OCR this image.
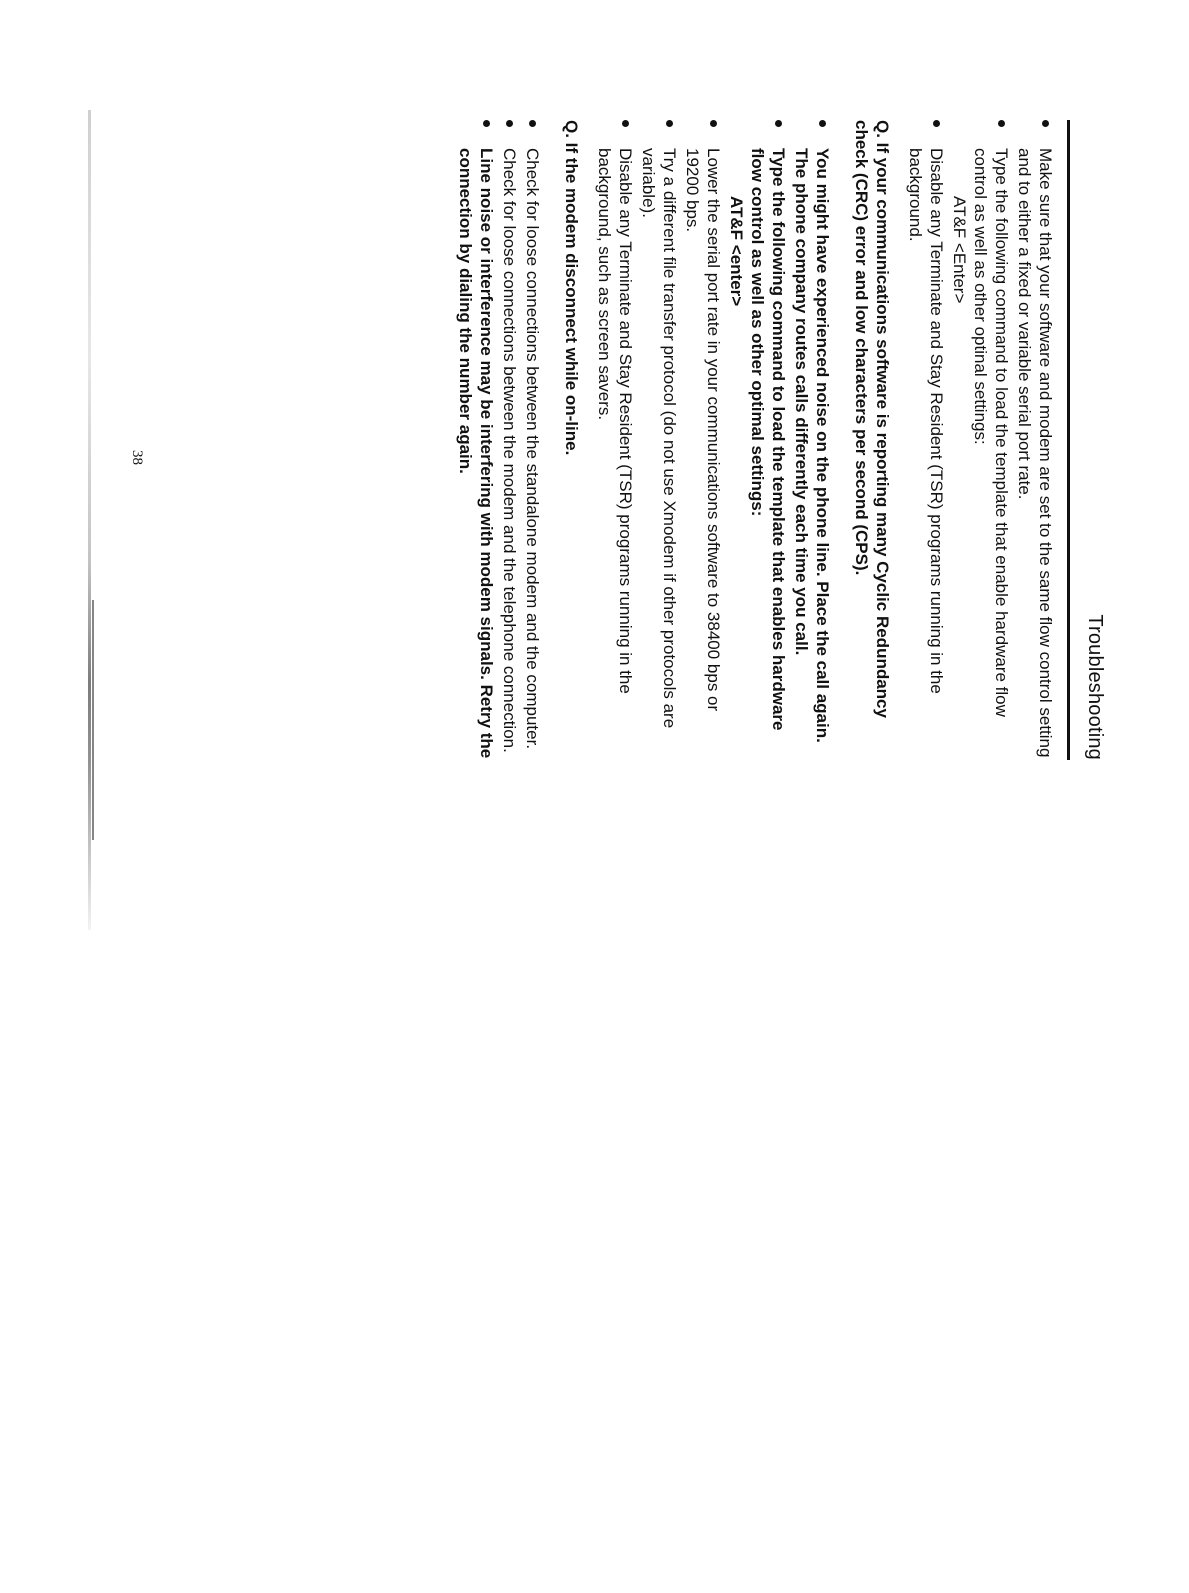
Troubleshooting
Make sure that your software and modem are set to the same flow control setting and to either a fixed or variable serial port rate.
Type the following command to load the template that enable hardware flow control as well as other optinal settings:
AT&F <Enter>
Disable any Terminate and Stay Resident (TSR) programs running in the background.
Q. If your communications software is reporting many Cyclic Redundancy check (CRC) error and low characters per second (CPS).
You might have experienced noise on the phone line. Place the call again. The phone company routes calls differently each time you call.
Type the following command to load the template that enables hardware flow control as well as other optimal settings:
AT&F <enter>
Lower the serial port rate in your communications software to 38400 bps or 19200 bps.
Try a different file transfer protocol (do not use Xmodem if other protocols are variable).
Disable any Terminate and Stay Resident (TSR) programs running in the background, such as screen savers.
Q. If the modem disconnect while on-line.
Check for loose connections between the standalone modem and the computer.
Check for loose connections between the modem and the telephone connection.
Line noise or interference may be interfering with modem signals. Retry the connection by dialing the number again.
38
